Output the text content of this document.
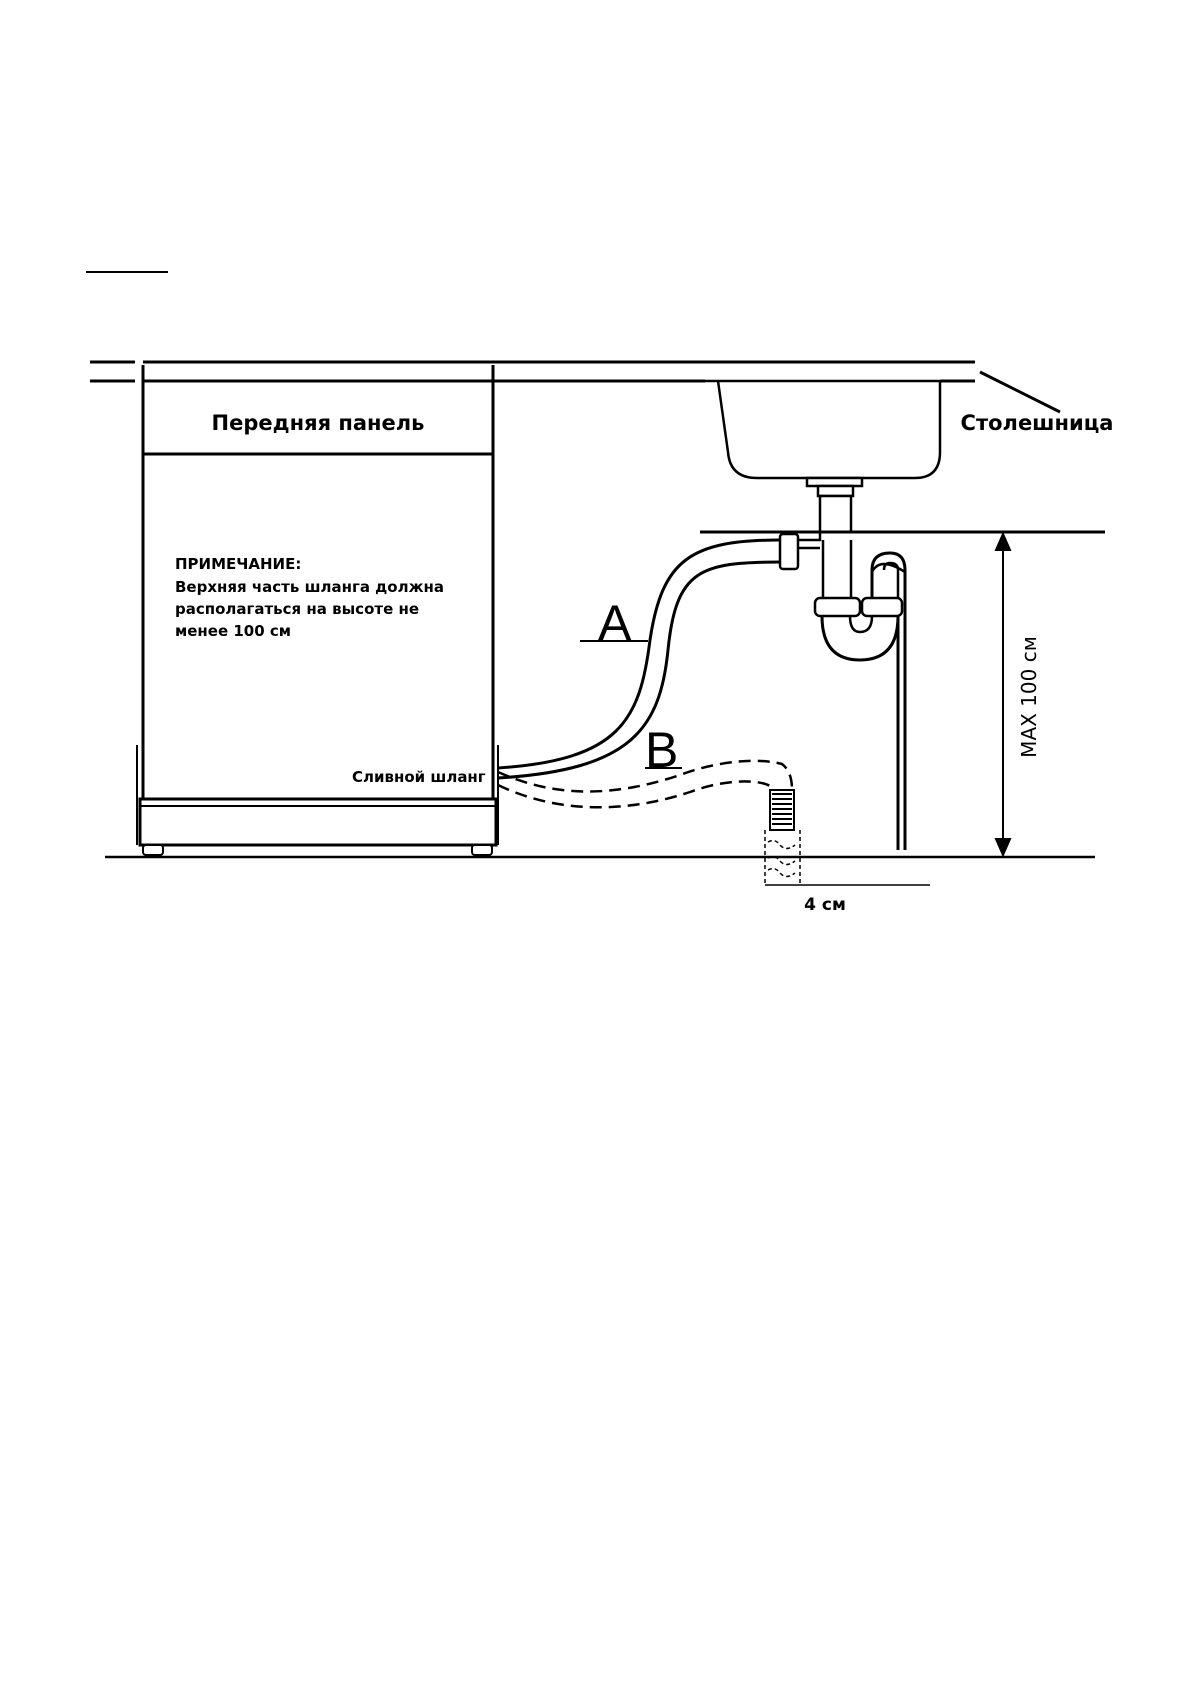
Передняя панель	Столешница
ПРИМЕЧАНИЕ:
Верхняя часть шланга должна
располагаться на высоте не
менее 100 см
Сливной шланг
A
B	MAX 100 см
4 см
